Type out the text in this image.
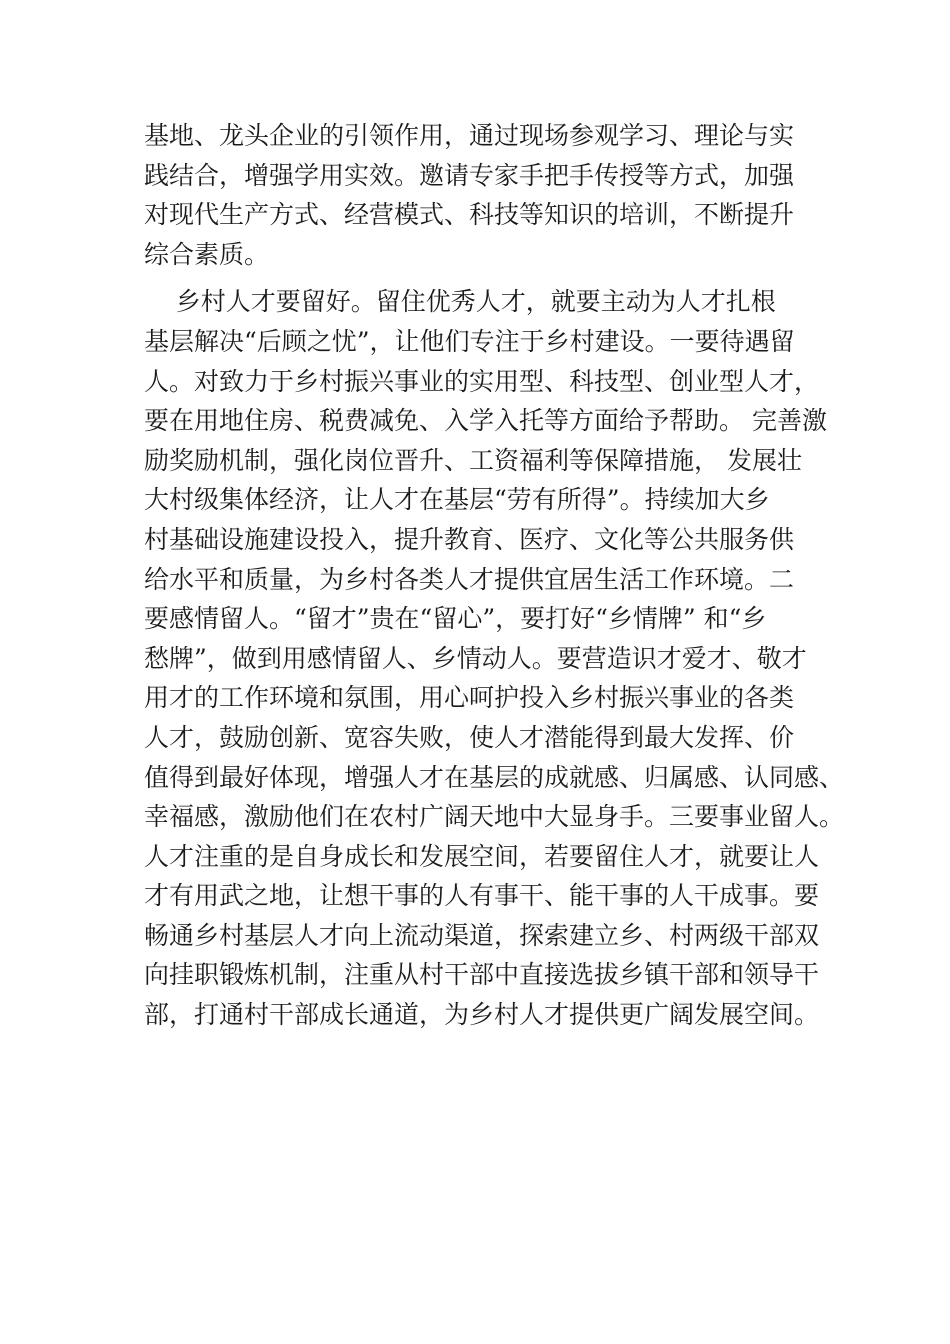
基地、龙头企业的引领作用，通过现场参观学习、理论与实
践结合，增强学用实效。邀请专家手把手传授等方式，加强
对现代生产方式、经营模式、科技等知识的培训，不断提升
综合素质。
乡村人才要留好。留住优秀人才，就要主动为人才扎根
基层解决“后顾之忧”，让他们专注于乡村建设。一要待遇留
人。对致力于乡村振兴事业的实用型、科技型、创业型人才，
要在用地住房、税费减免、入学入托等方面给予帮助。 完善激
励奖励机制，强化岗位晋升、工资福利等保障措施， 发展壮
大村级集体经济，让人才在基层“劳有所得”。持续加大乡
村基础设施建设投入，提升教育、医疗、文化等公共服务供
给水平和质量，为乡村各类人才提供宜居生活工作环境。二
要感情留人。“留才”贵在“留心”，要打好“乡情牌” 和“乡
愁牌”，做到用感情留人、乡情动人。要营造识才爱才、敬才
用才的工作环境和氛围，用心呵护投入乡村振兴事业的各类
人才，鼓励创新、宽容失败，使人才潜能得到最大发挥、价
值得到最好体现，增强人才在基层的成就感、归属感、认同感、
幸福感，激励他们在农村广阔天地中大显身手。三要事业留人。
人才注重的是自身成长和发展空间，若要留住人才，就要让人
才有用武之地，让想干事的人有事干、能干事的人干成事。要
畅通乡村基层人才向上流动渠道，探索建立乡、村两级干部双
向挂职锻炼机制，注重从村干部中直接选拔乡镇干部和领导干
部，打通村干部成长通道，为乡村人才提供更广阔发展空间。
